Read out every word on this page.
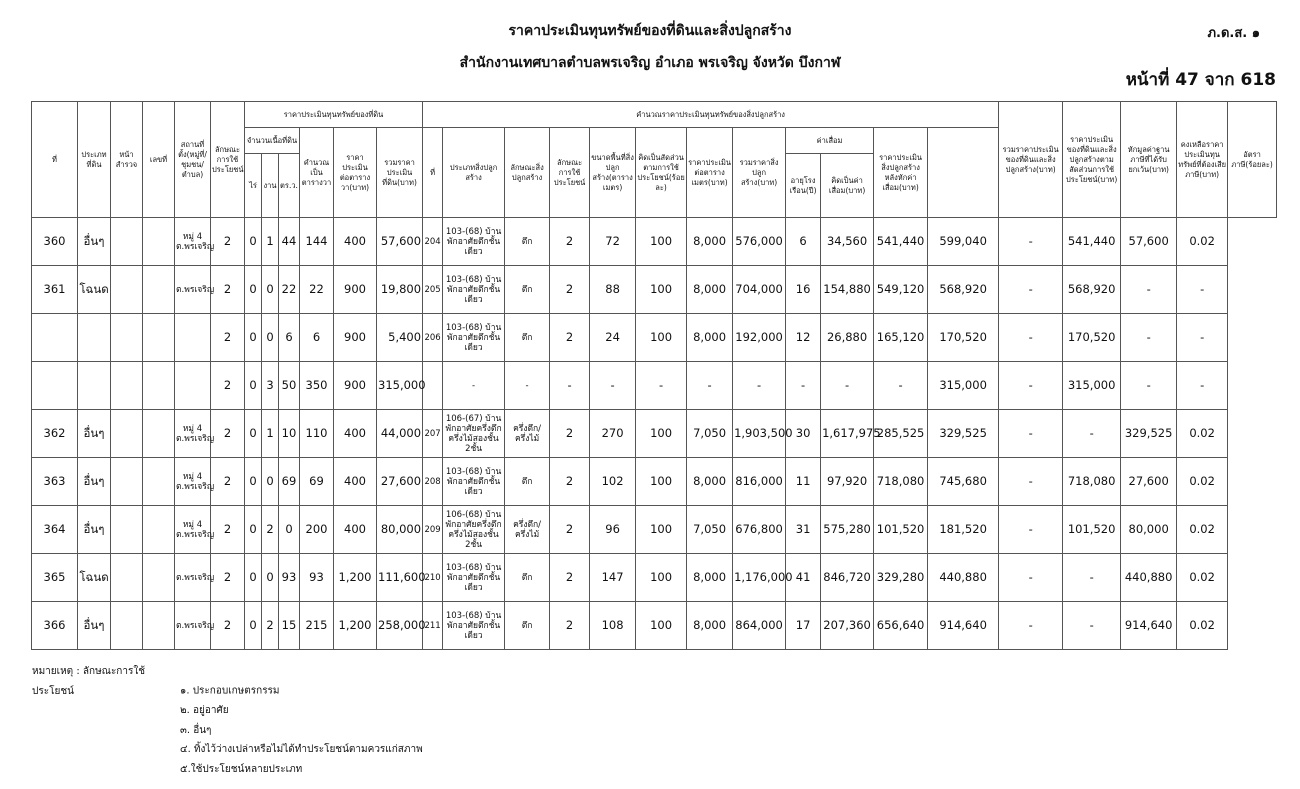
ราคาประเมินทุนทรัพย์ของที่ดินและสิ่งปลูกสร้าง
สำนักงานเทศบาลตำบลพรเจริญ อำเภอ พรเจริญ จังหวัด บึงกาฬ
ภ.ด.ส. ๑
หน้าที่ 47 จาก 618
ที่	ประเภทที่ดิน	หน้าสำรวจ	เลขที่	สถานที่ตั้ง(หมู่ที่/ชุมชน/ตำบล)	ลักษณะการใช้ประโยชน์	ราคาประเมินทุนทรัพย์ของที่ดิน						คำนวณราคาประเมินทุนทรัพย์ของสิ่งปลูกสร้าง												รวมราคาประเมินของที่ดินและสิ่งปลูกสร้าง(บาท)	ราคาประเมินของที่ดินและสิ่งปลูกสร้างตามสัดส่วนการใช้ประโยชน์(บาท)	หักมูลค่าฐานภาษีที่ได้รับยกเว้น(บาท)	คงเหลือราคาประเมินทุนทรัพย์ที่ต้องเสียภาษี(บาท)	อัตราภาษี(ร้อยละ)
						จำนวนเนื้อที่ดิน			คำนวณเป็นตารางวา	ราคาประเมินต่อตารางวา(บาท)	รวมราคาประเมินที่ดิน(บาท)	ที่	ประเภทสิ่งปลูกสร้าง	ลักษณะสิ่งปลูกสร้าง	ลักษณะการใช้ประโยชน์	ขนาดพื้นที่สิ่งปลูกสร้าง(ตารางเมตร)	คิดเป็นสัดส่วนตามการใช้ประโยชน์(ร้อยละ)	ราคาประเมินต่อตารางเมตร(บาท)	รวมราคาสิ่งปลูกสร้าง(บาท)	ค่าเสื่อม		ราคาประเมินสิ่งปลูกสร้างหลังหักค่าเสื่อม(บาท)						
						ไร่	งาน	ตร.ว.												อายุโรงเรือน(ปี)	คิดเป็นค่าเสื่อม(บาท)							
360	อื่นๆ			หมู่ 4 ต.พรเจริญ	2	0	1	44	144	400	57,600	204	103-(68) บ้านพักอาศัยตึกชั้นเดียว	ตึก	2	72	100	8,000	576,000	6	34,560	541,440	599,040	-	541,440	57,600	0.02	
361	โฉนด			ต.พรเจริญ	2	0	0	22	22	900	19,800	205	103-(68) บ้านพักอาศัยตึกชั้นเดียว	ตึก	2	88	100	8,000	704,000	16	154,880	549,120	568,920	-	568,920	-	-	
					2	0	0	6	6	900	5,400	206	103-(68) บ้านพักอาศัยตึกชั้นเดียว	ตึก	2	24	100	8,000	192,000	12	26,880	165,120	170,520	-	170,520	-	-	
					2	0	3	50	350	900	315,000		-	-	-	-	-	-	-	-	-	-	315,000	-	315,000	-	-	
362	อื่นๆ			หมู่ 4 ต.พรเจริญ	2	0	1	10	110	400	44,000	207	106-(67) บ้านพักอาศัยครึ่งตึกครึ่งไม้สองชั้น 2ชั้น	ครึ่งตึก/ครึ่งไม้	2	270	100	7,050	1,903,500	30	1,617,975	285,525	329,525	-	-	329,525	0.02	
363	อื่นๆ			หมู่ 4 ต.พรเจริญ	2	0	0	69	69	400	27,600	208	103-(68) บ้านพักอาศัยตึกชั้นเดียว	ตึก	2	102	100	8,000	816,000	11	97,920	718,080	745,680	-	718,080	27,600	0.02	
364	อื่นๆ			หมู่ 4 ต.พรเจริญ	2	0	2	0	200	400	80,000	209	106-(68) บ้านพักอาศัยครึ่งตึกครึ่งไม้สองชั้น 2ชั้น	ครึ่งตึก/ครึ่งไม้	2	96	100	7,050	676,800	31	575,280	101,520	181,520	-	101,520	80,000	0.02	
365	โฉนด			ต.พรเจริญ	2	0	0	93	93	1,200	111,600	210	103-(68) บ้านพักอาศัยตึกชั้นเดียว	ตึก	2	147	100	8,000	1,176,000	41	846,720	329,280	440,880	-	-	440,880	0.02	
366	อื่นๆ			ต.พรเจริญ	2	0	2	15	215	1,200	258,000	211	103-(68) บ้านพักอาศัยตึกชั้นเดียว	ตึก	2	108	100	8,000	864,000	17	207,360	656,640	914,640	-	-	914,640	0.02	
หมายเหตุ : ลักษณะการใช้ประโยชน์	๑. ประกอบเกษตรกรรม
๒. อยู่อาศัย
๓. อื่นๆ
๔. ทิ้งไว้ว่างเปล่าหรือไม่ได้ทำประโยชน์ตามควรแก่สภาพ
๕.ใช้ประโยชน์หลายประเภท
